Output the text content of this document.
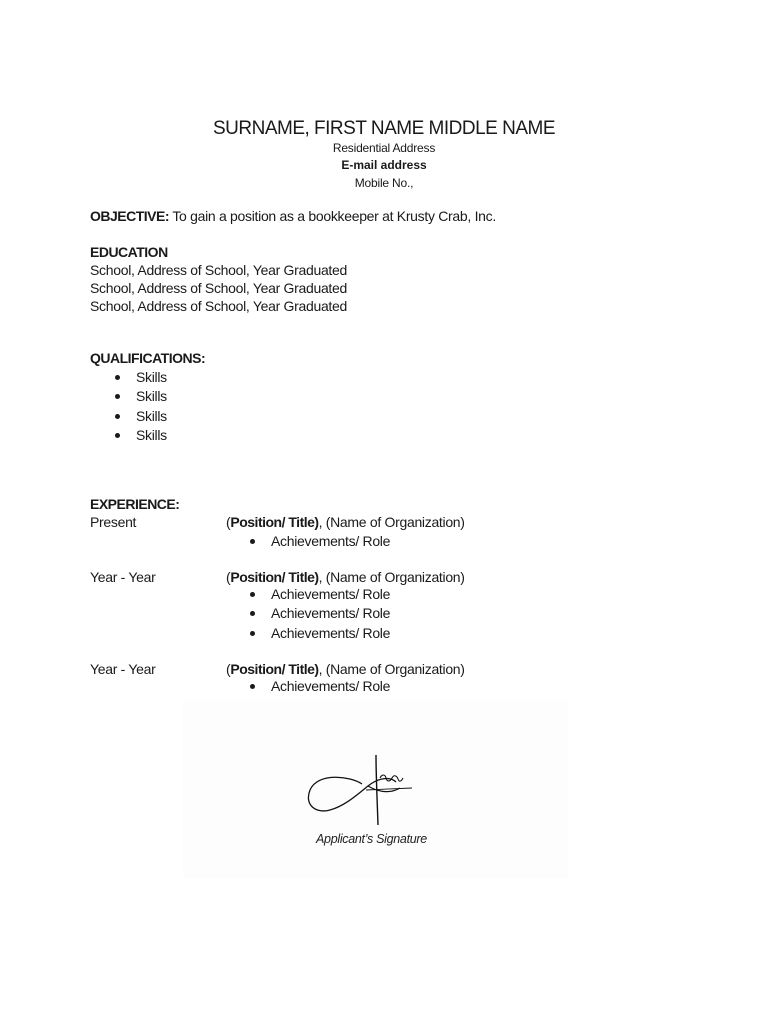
SURNAME, FIRST NAME MIDDLE NAME
Residential Address
E-mail address
Mobile No.,
OBJECTIVE: To gain a position as a bookkeeper at Krusty Crab, Inc.
EDUCATION
School, Address of School, Year Graduated
School, Address of School, Year Graduated
School, Address of School, Year Graduated
QUALIFICATIONS:
Skills
Skills
Skills
Skills
EXPERIENCE:
Present	(Position/ Title), (Name of Organization)
Achievements/ Role
Year - Year	(Position/ Title), (Name of Organization)
Achievements/ Role
Achievements/ Role
Achievements/ Role
Year - Year	(Position/ Title), (Name of Organization)
Achievements/ Role
Applicant’s Signature
